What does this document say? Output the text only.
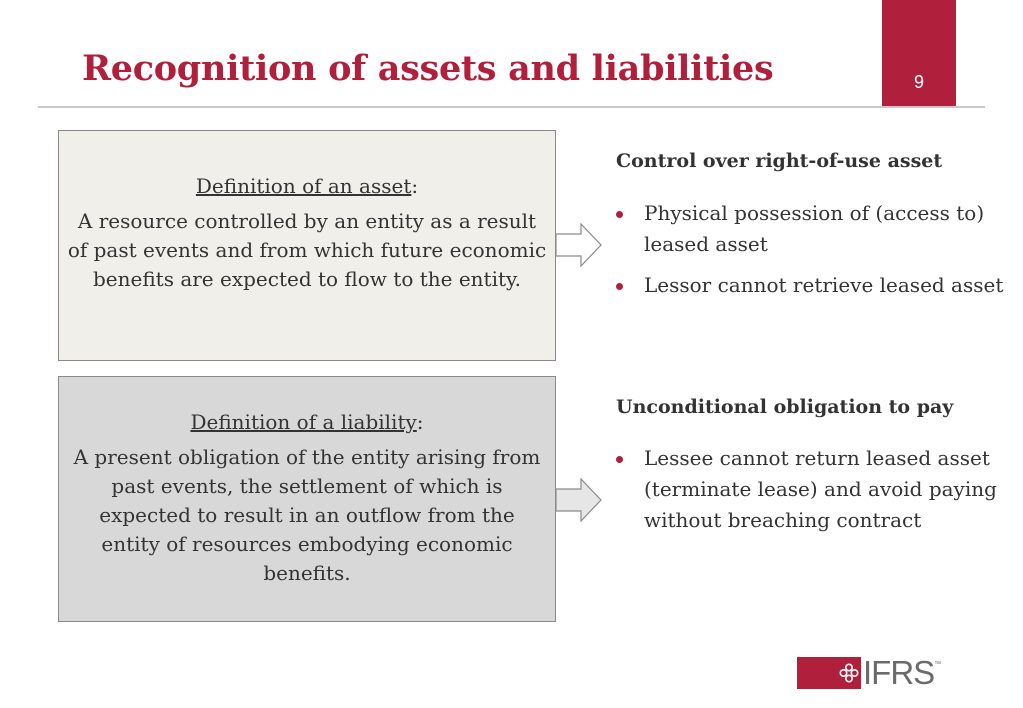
Recognition of assets and liabilities	9
Definition of an asset:
A resource controlled by an entity as a result of past events and from which future economic benefits are expected to flow to the entity.
Definition of a liability:
A present obligation of the entity arising from past events, the settlement of which is expected to result in an outflow from the entity of resources embodying economic benefits.
Control over right-of-use asset
Physical possession of (access to) leased asset
Lessor cannot retrieve leased asset
Unconditional obligation to pay
Lessee cannot return leased asset (terminate lease) and avoid paying without breaching contract
IFRS ™
